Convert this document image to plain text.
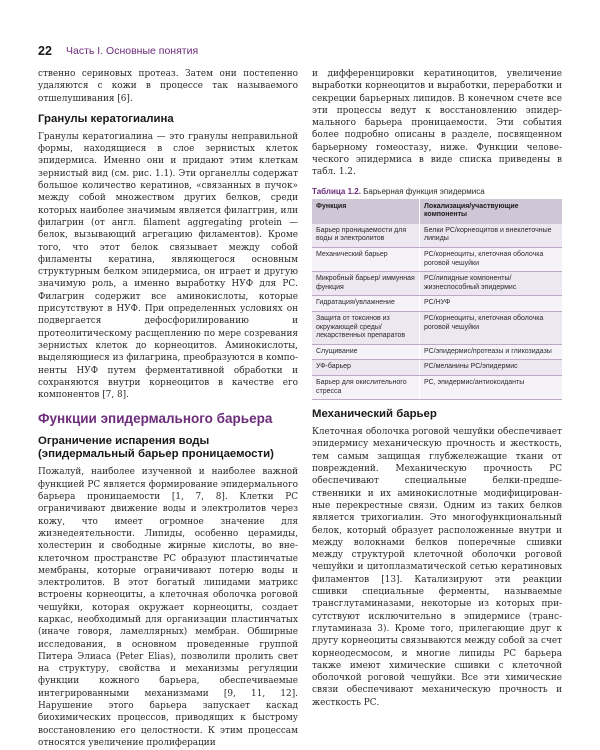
22 Часть I. Основные понятия

ственно сериновых протеаз. Затем они постепенно удаляются с кожи в процессе так называемого отшелушивания [6].

Гранулы кератогиалина

Гранулы кератогиалина — это гранулы неправильной формы, находящиеся в слое зернистых клеток эпидермиса. Именно они и придают этим клеткам зернистый вид (см. рис. 1.1). Эти органеллы содержат большое количество кератинов, «связанных в пучок» между собой множеством других белков, среди которых наиболее значимым является филаггрин, или филагрин (от англ. filament aggregating protein — белок, вызывающий агрегацию филаментов). Кроме того, что этот белок связывает между собой филаменты кератина, являющегося основным структурным белком эпидермиса, он играет и другую значимую роль, а именно выработку НУФ для РС. Филагрин содержит все аминокислоты, которые присутствуют в НУФ. При определенных условиях он подвергается дефосфорилированию и протеолитическому расщеплению по мере созревания зернистых клеток до корнеоцитов. Аминокислоты, выделяющиеся из филагрина, преобразуются в компоненты НУФ путем ферментативной обработки и сохраняются внутри корнеоцитов в качестве его компонентов [7, 8].

Функции эпидермального барьера
Ограничение испарения воды (эпидермальный барьер проницаемости)

Пожалуй, наиболее изученной и наиболее важной функцией РС является формирование эпидермального барьера проницаемости [1, 7, 8]. Клетки РС ограничивают движение воды и электролитов через кожу, что имеет огромное значение для жизнедеятельности. Липиды, особенно церамиды, холестерин и свободные жирные кислоты, во внеклеточном пространстве РС образуют пластинчатые мембраны, которые ограничивают потерю воды и электролитов. В этот богатый липидами матрикс встроены корнеоциты, а клеточная оболочка роговой чешуйки, которая окружает корнеоциты, создает каркас, необходимый для организации пластинчатых (иначе говоря, ламеллярных) мембран. Обширные исследования, в основном проведенные группой Питера Элиаса (Peter Elias), позволили пролить свет на структуру, свойства и механизмы регуляции функции кожного барьера, обеспечиваемые интегрированными механизмами [9, 11, 12]. Нарушение этого барьера запускает каскад биохимических процессов, приводящих к быстрому восстановлению его целостности. К этим процессам относятся увеличение пролиферации

и дифференцировки кератиноцитов, увеличение выработки корнеоцитов и выработки, переработки и секреции барьерных липидов. В конечном счете все эти процессы ведут к восстановлению эпидермального барьера проницаемости. Эти события более подробно описаны в разделе, посвященном барьерному гомеостазу, ниже. Функции человеческого эпидермиса в виде списка приведены в табл. 1.2.

Таблица 1.2. Барьерная функция эпидермиса
Функция	Локализация/участвующие компоненты
Барьер проницаемости для воды и электролитов	Белки РС/корнеоцитов и внеклеточные липиды
Механический барьер	РС/корнеоциты, клеточная оболочка роговой чешуйки
Микробный барьер/ иммунная функция	РС/липидные компоненты/ жизнеспособный эпидермис
Гидратация/увлажнение	РС/НУФ
Защита от токсинов из окружающей среды/лекарственных препаратов	РС/корнеоциты, клеточная оболочка роговой чешуйки
Слущивание	РС/эпидермис/протеазы и гликозидазы
УФ-барьер	РС/меланины РС/эпидермис
Барьер для окислительного стресса	РС, эпидермис/антиоксиданты
Механический барьер

Клеточная оболочка роговой чешуйки обеспечивает эпидермису механическую прочность и жесткость, тем самым защищая глубжележащие ткани от повреждений. Механическую прочность РС обеспечивают специальные белки-предшественники и их аминокислотные модифицированные перекрестные связи. Одним из таких белков является трихогиалин. Это многофункциональный белок, который образует расположенные внутри и между волокнами белков поперечные сшивки между структурой клеточной оболочки роговой чешуйки и цитоплазматической сетью кератиновых филаментов [13]. Катализируют эти реакции сшивки специальные ферменты, называемые трансглутаминазами, некоторые из которых присутствуют исключительно в эпидермисе (трансглутаминаза 3). Кроме того, прилегающие друг к другу корнеоциты связываются между собой за счет корнеодесмосом, и многие липиды РС барьера также имеют химические сшивки с клеточной оболочкой роговой чешуйки. Все эти химические связи обеспечивают механическую прочность и жесткость РС.
